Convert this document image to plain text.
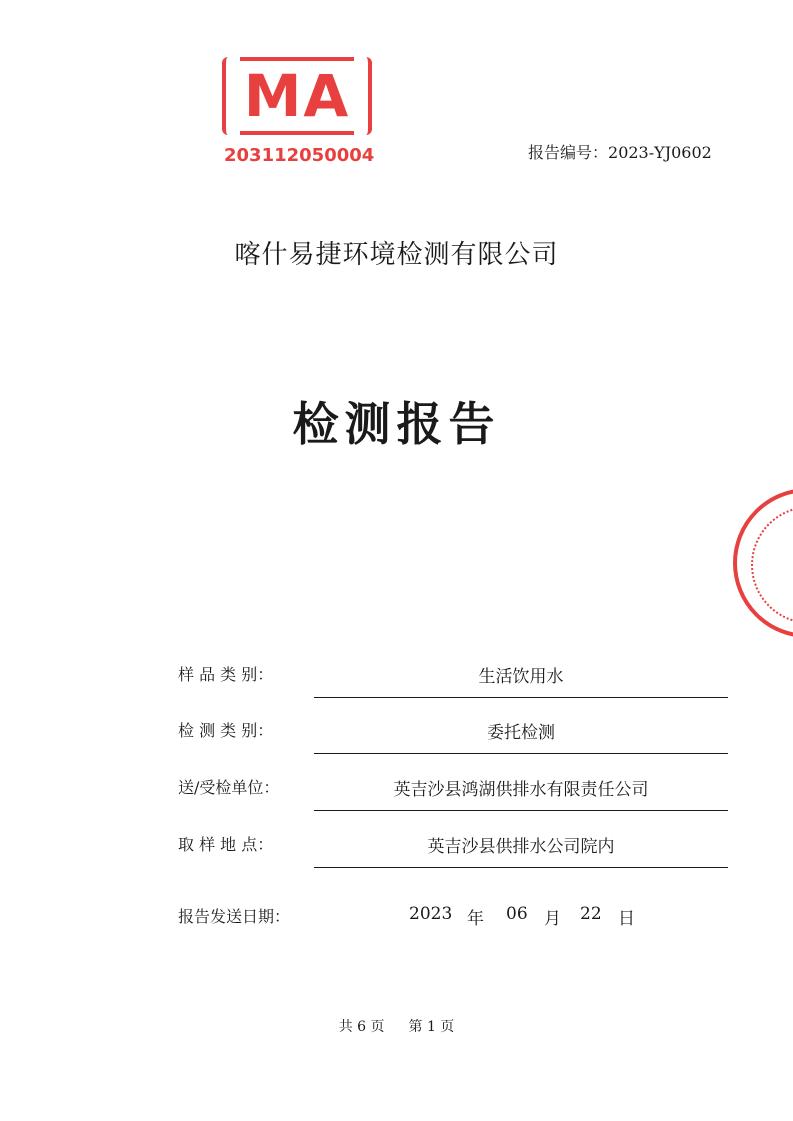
MA
203112050004	报告编号：2023-YJ0602
喀什易捷环境检测有限公司
检测报告
样 品 类 别：	生活饮用水
检 测 类 别：	委托检测
送/受检单位：	英吉沙县鸿湖供排水有限责任公司
取 样 地 点：	英吉沙县供排水公司院内
报告发送日期：	2023 年 06 月 22 日
共 6 页 第 1 页
